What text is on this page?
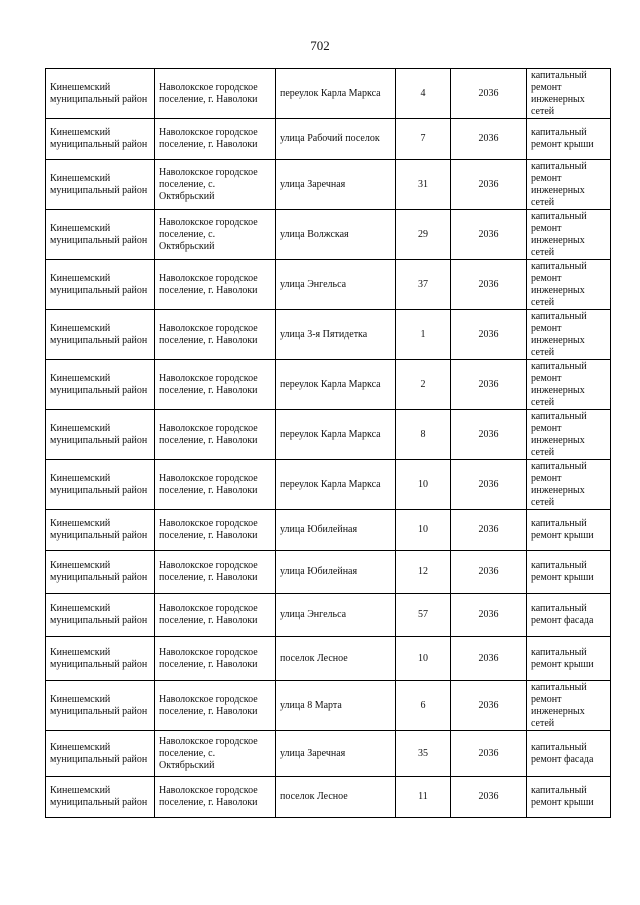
702
Кинешемский муниципальный район	Наволокское городское поселение, г. Наволоки	переулок Карла Маркса	4	2036	капитальный ремонт инженерных сетей
Кинешемский муниципальный район	Наволокское городское поселение, г. Наволоки	улица Рабочий поселок	7	2036	капитальный ремонт крыши
Кинешемский муниципальный район	Наволокское городское поселение, с. Октябрьский	улица Заречная	31	2036	капитальный ремонт инженерных сетей
Кинешемский муниципальный район	Наволокское городское поселение, с. Октябрьский	улица Волжская	29	2036	капитальный ремонт инженерных сетей
Кинешемский муниципальный район	Наволокское городское поселение, г. Наволоки	улица Энгельса	37	2036	капитальный ремонт инженерных сетей
Кинешемский муниципальный район	Наволокское городское поселение, г. Наволоки	улица 3-я Пятидетка	1	2036	капитальный ремонт инженерных сетей
Кинешемский муниципальный район	Наволокское городское поселение, г. Наволоки	переулок Карла Маркса	2	2036	капитальный ремонт инженерных сетей
Кинешемский муниципальный район	Наволокское городское поселение, г. Наволоки	переулок Карла Маркса	8	2036	капитальный ремонт инженерных сетей
Кинешемский муниципальный район	Наволокское городское поселение, г. Наволоки	переулок Карла Маркса	10	2036	капитальный ремонт инженерных сетей
Кинешемский муниципальный район	Наволокское городское поселение, г. Наволоки	улица Юбилейная	10	2036	капитальный ремонт крыши
Кинешемский муниципальный район	Наволокское городское поселение, г. Наволоки	улица Юбилейная	12	2036	капитальный ремонт крыши
Кинешемский муниципальный район	Наволокское городское поселение, г. Наволоки	улица Энгельса	57	2036	капитальный ремонт фасада
Кинешемский муниципальный район	Наволокское городское поселение, г. Наволоки	поселок Лесное	10	2036	капитальный ремонт крыши
Кинешемский муниципальный район	Наволокское городское поселение, г. Наволоки	улица 8 Марта	6	2036	капитальный ремонт инженерных сетей
Кинешемский муниципальный район	Наволокское городское поселение, с. Октябрьский	улица Заречная	35	2036	капитальный ремонт фасада
Кинешемский муниципальный район	Наволокское городское поселение, г. Наволоки	поселок Лесное	11	2036	капитальный ремонт крыши
